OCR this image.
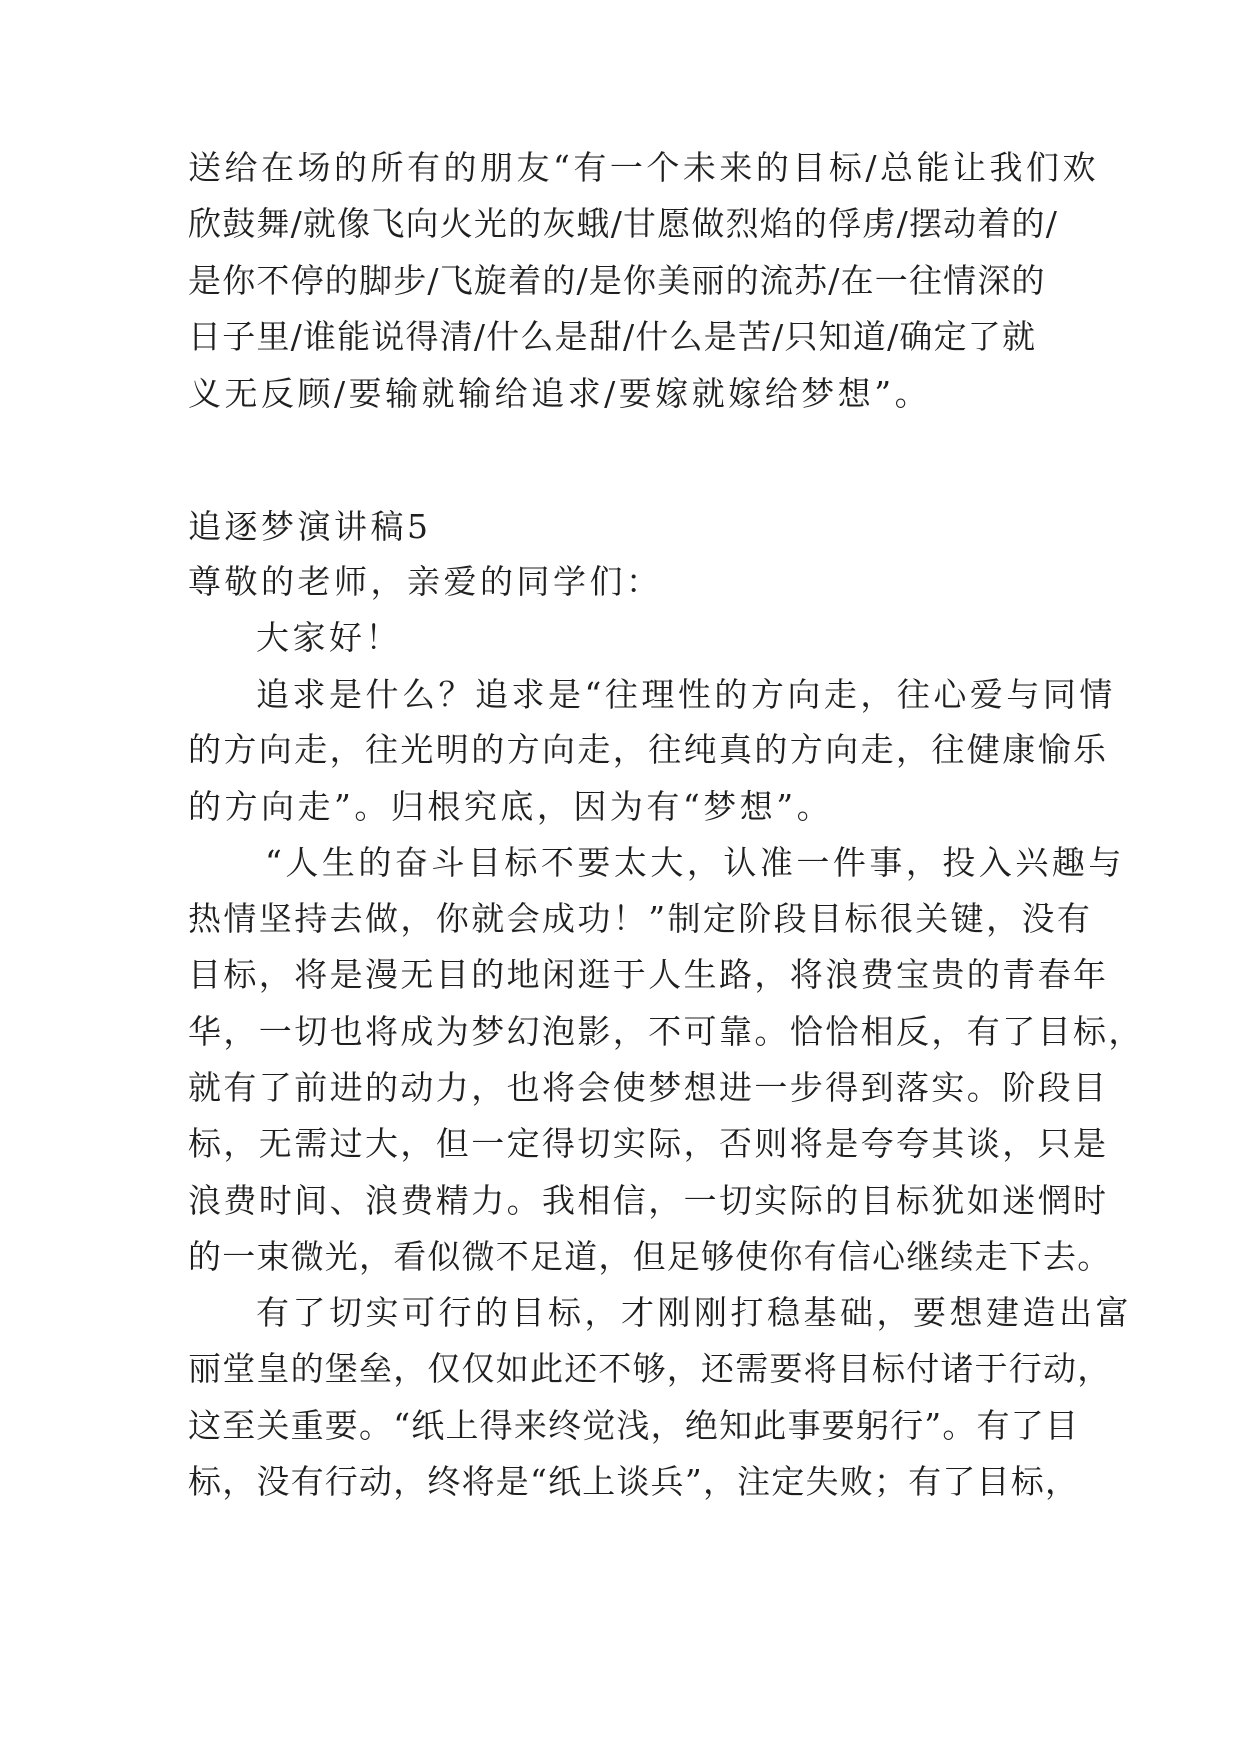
送给在场的所有的朋友“有一个未来的目标/总能让我们欢
欣鼓舞/就像飞向火光的灰蛾/甘愿做烈焰的俘虏/摆动着的/
是你不停的脚步/飞旋着的/是你美丽的流苏/在一往情深的
日子里/谁能说得清/什么是甜/什么是苦/只知道/确定了就
义无反顾/要输就输给追求/要嫁就嫁给梦想”。
追逐梦演讲稿5
尊敬的老师，亲爱的同学们：
大家好！
追求是什么？追求是“往理性的方向走，往心爱与同情
的方向走，往光明的方向走，往纯真的方向走，往健康愉乐
的方向走”。归根究底，因为有“梦想”。
“人生的奋斗目标不要太大，认准一件事，投入兴趣与
热情坚持去做，你就会成功！”制定阶段目标很关键，没有
目标，将是漫无目的地闲逛于人生路，将浪费宝贵的青春年
华，一切也将成为梦幻泡影，不可靠。恰恰相反，有了目标，
就有了前进的动力，也将会使梦想进一步得到落实。阶段目
标，无需过大，但一定得切实际，否则将是夸夸其谈，只是
浪费时间、浪费精力。我相信，一切实际的目标犹如迷惘时
的一束微光，看似微不足道，但足够使你有信心继续走下去。
有了切实可行的目标，才刚刚打稳基础，要想建造出富
丽堂皇的堡垒，仅仅如此还不够，还需要将目标付诸于行动，
这至关重要。“纸上得来终觉浅，绝知此事要躬行”。有了目
标，没有行动，终将是“纸上谈兵”，注定失败；有了目标，
